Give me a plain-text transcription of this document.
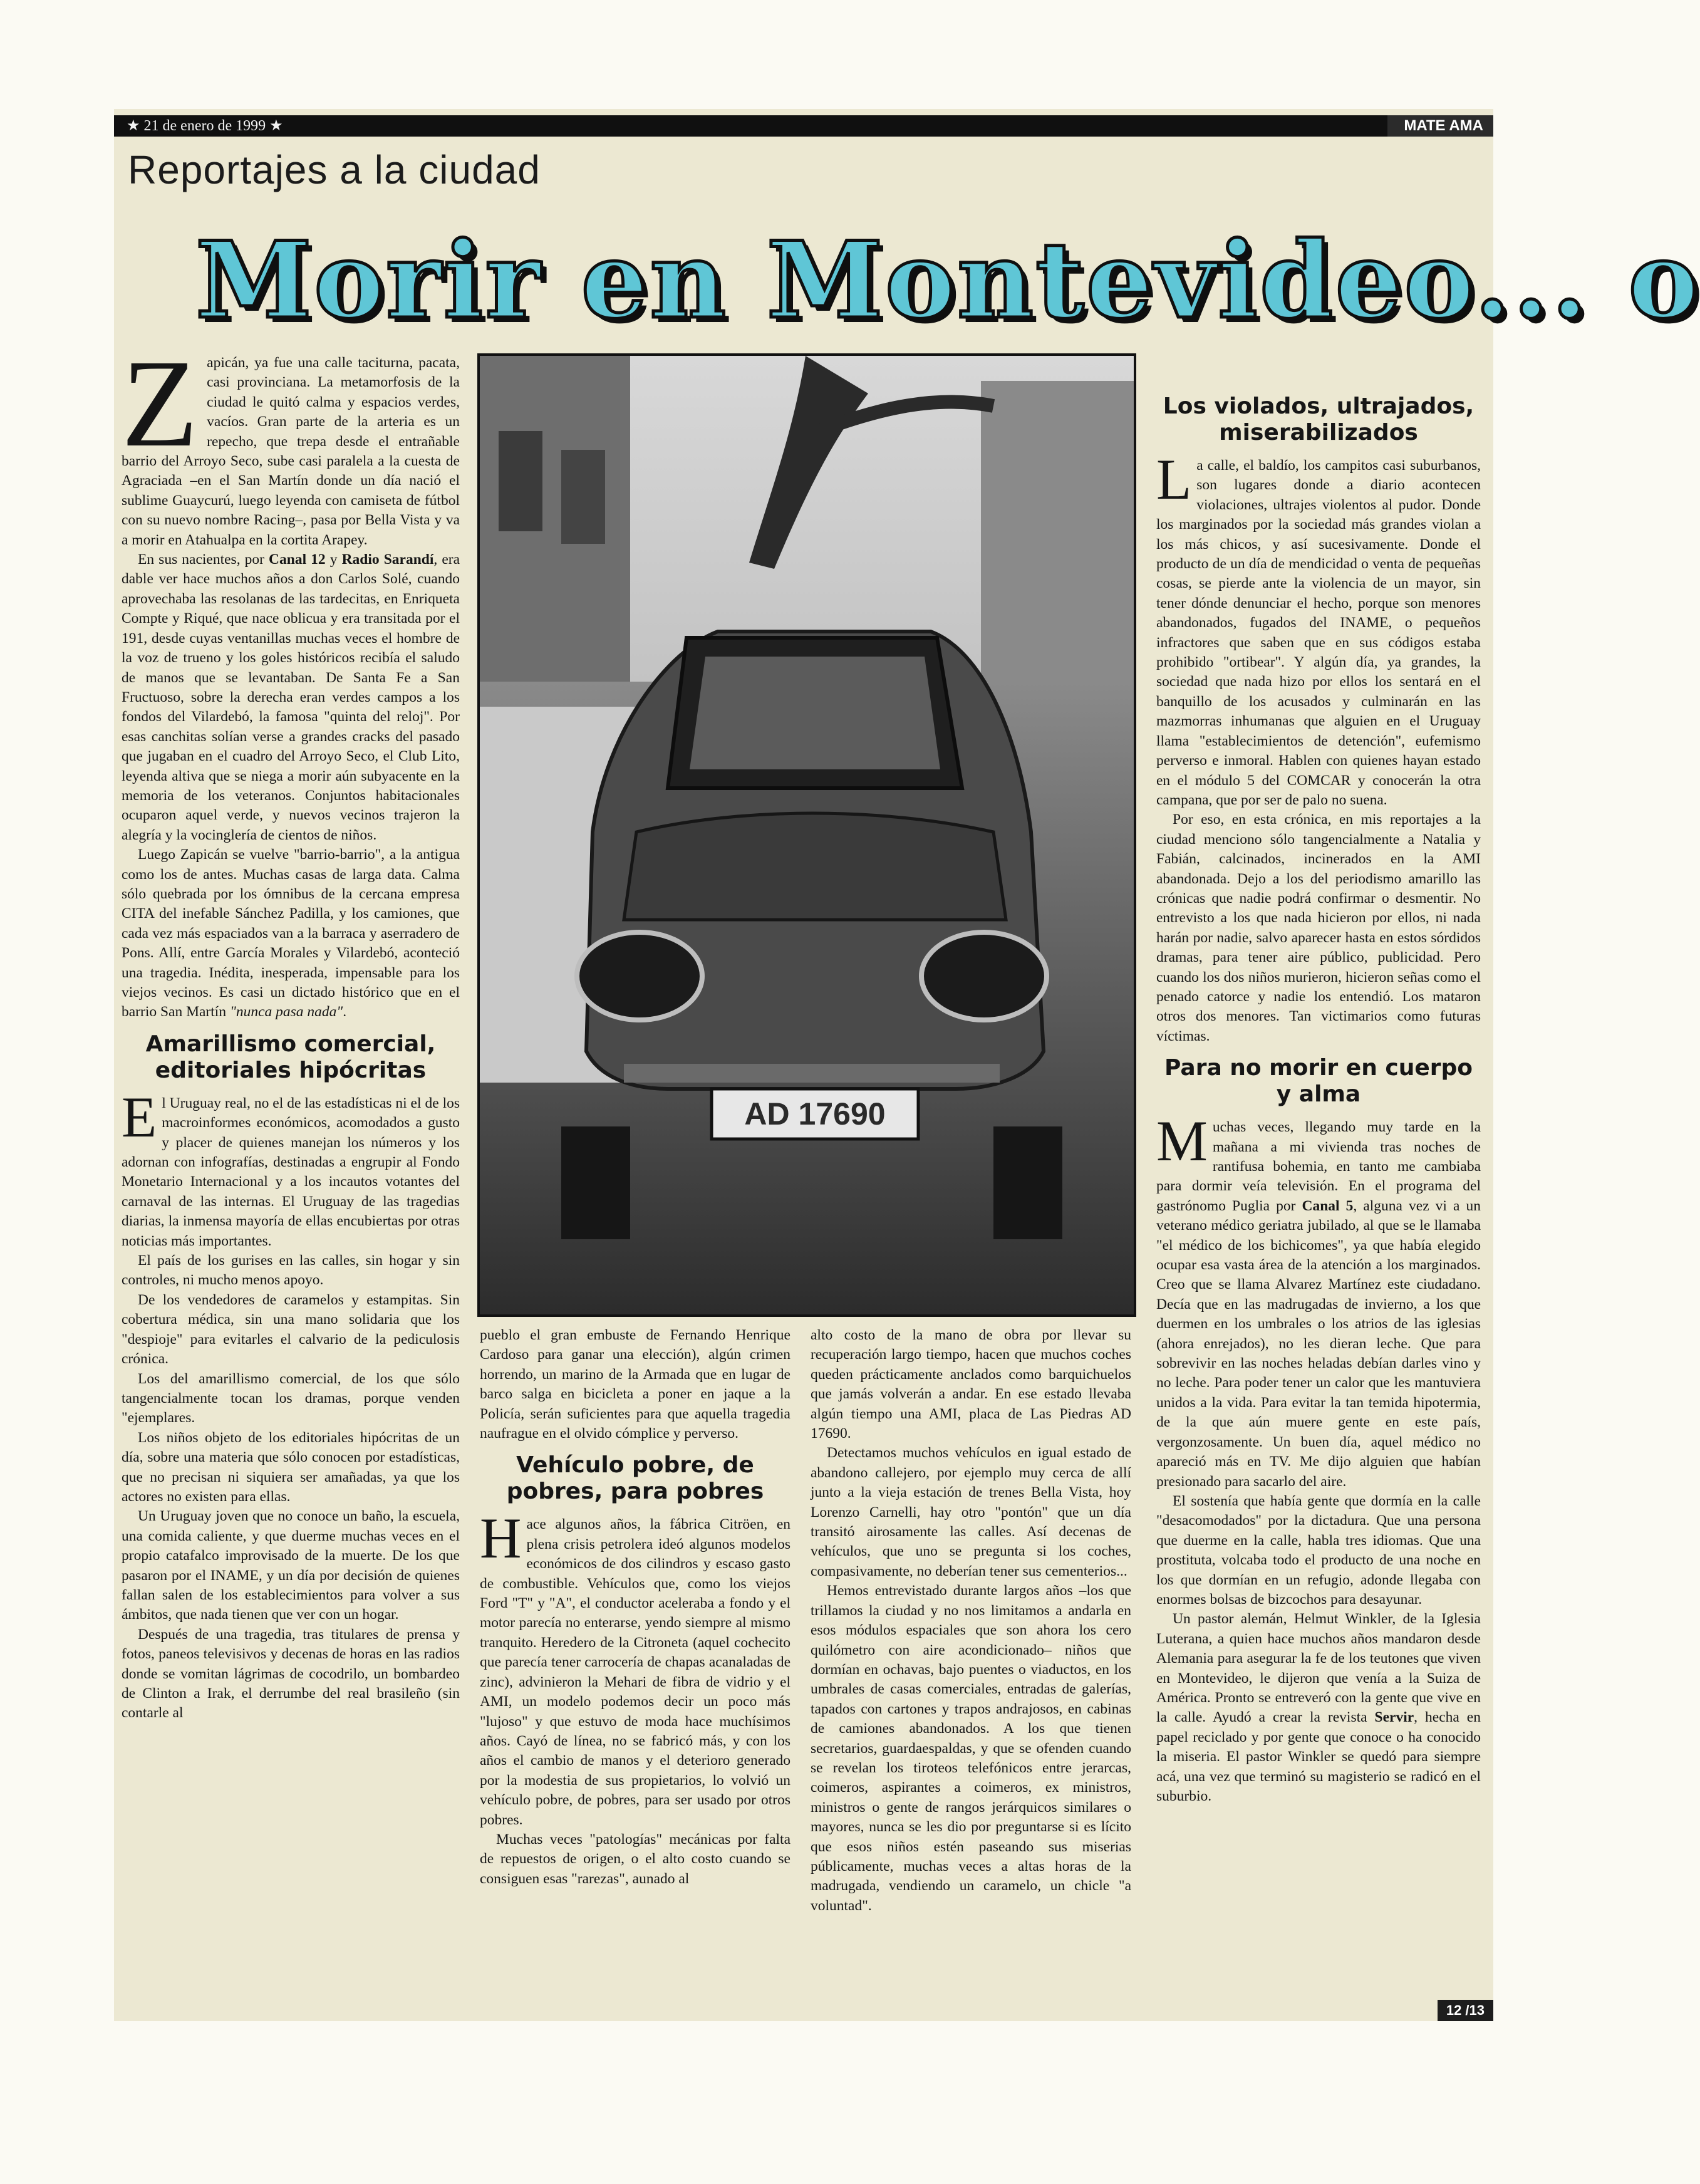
★ 21 de enero de 1999 ★	MATE AMA
Reportajes a la ciudad
Morir en Montevideo... o

Zapicán, ya fue una calle taciturna, pacata, casi provinciana. La metamorfosis de la ciudad le quitó calma y espacios verdes, vacíos. Gran parte de la arteria es un repecho, que trepa desde el entrañable barrio del Arroyo Seco, sube casi paralela a la cuesta de Agraciada –en el San Martín donde un día nació el sublime Guaycurú, luego leyenda con camiseta de fútbol con su nuevo nombre Racing–, pasa por Bella Vista y va a morir en Atahualpa en la cortita Arapey.

En sus nacientes, por Canal 12 y Radio Sarandí, era dable ver hace muchos años a don Carlos Solé, cuando aprovechaba las resolanas de las tardecitas, en Enriqueta Compte y Riqué, que nace oblicua y era transitada por el 191, desde cuyas ventanillas muchas veces el hombre de la voz de trueno y los goles históricos recibía el saludo de manos que se levantaban. De Santa Fe a San Fructuoso, sobre la derecha eran verdes campos a los fondos del Vilardebó, la famosa "quinta del reloj". Por esas canchitas solían verse a grandes cracks del pasado que jugaban en el cuadro del Arroyo Seco, el Club Lito, leyenda altiva que se niega a morir aún subyacente en la memoria de los veteranos. Conjuntos habitacionales ocuparon aquel verde, y nuevos vecinos trajeron la alegría y la vocinglería de cientos de niños.

Luego Zapicán se vuelve "barrio-barrio", a la antigua como los de antes. Muchas casas de larga data. Calma sólo quebrada por los ómnibus de la cercana empresa CITA del inefable Sánchez Padilla, y los camiones, que cada vez más espaciados van a la barraca y aserradero de Pons. Allí, entre García Morales y Vilardebó, aconteció una tragedia. Inédita, inesperada, impensable para los viejos vecinos. Es casi un dictado histórico que en el barrio San Martín "nunca pasa nada".

Amarillismo comercial, editoriales hipócritas

El Uruguay real, no el de las estadísticas ni el de los macroinformes económicos, acomodados a gusto y placer de quienes manejan los números y los adornan con infografías, destinadas a engrupir al Fondo Monetario Internacional y a los incautos votantes del carnaval de las internas. El Uruguay de las tragedias diarias, la inmensa mayoría de ellas encubiertas por otras noticias más importantes.

El país de los gurises en las calles, sin hogar y sin controles, ni mucho menos apoyo.

De los vendedores de caramelos y estampitas. Sin cobertura médica, sin una mano solidaria que los "despioje" para evitarles el calvario de la pediculosis crónica.

Los del amarillismo comercial, de los que sólo tangencialmente tocan los dramas, porque venden "ejemplares.

Los niños objeto de los editoriales hipócritas de un día, sobre una materia que sólo conocen por estadísticas, que no precisan ni siquiera ser amañadas, ya que los actores no existen para ellas.

Un Uruguay joven que no conoce un baño, la escuela, una comida caliente, y que duerme muchas veces en el propio catafalco improvisado de la muerte. De los que pasaron por el INAME, y un día por decisión de quienes fallan salen de los establecimientos para volver a sus ámbitos, que nada tienen que ver con un hogar.

Después de una tragedia, tras titulares de prensa y fotos, paneos televisivos y decenas de horas en las radios donde se vomitan lágrimas de cocodrilo, un bombardeo de Clinton a Irak, el derrumbe del real brasileño (sin contarle al

AD 17690

pueblo el gran embuste de Fernando Henrique Cardoso para ganar una elección), algún crimen horrendo, un marino de la Armada que en lugar de barco salga en bicicleta a poner en jaque a la Policía, serán suficientes para que aquella tragedia naufrague en el olvido cómplice y perverso.

Vehículo pobre, de pobres, para pobres

Hace algunos años, la fábrica Citröen, en plena crisis petrolera ideó algunos modelos económicos de dos cilindros y escaso gasto de combustible. Vehículos que, como los viejos Ford "T" y "A", el conductor aceleraba a fondo y el motor parecía no enterarse, yendo siempre al mismo tranquito. Heredero de la Citroneta (aquel cochecito que parecía tener carrocería de chapas acanaladas de zinc), advinieron la Mehari de fibra de vidrio y el AMI, un modelo podemos decir un poco más "lujoso" y que estuvo de moda hace muchísimos años. Cayó de línea, no se fabricó más, y con los años el cambio de manos y el deterioro generado por la modestia de sus propietarios, lo volvió un vehículo pobre, de pobres, para ser usado por otros pobres.

Muchas veces "patologías" mecánicas por falta de repuestos de origen, o el alto costo cuando se consiguen esas "rarezas", aunado al

alto costo de la mano de obra por llevar su recuperación largo tiempo, hacen que muchos coches queden prácticamente anclados como barquichuelos que jamás volverán a andar. En ese estado llevaba algún tiempo una AMI, placa de Las Piedras AD 17690.

Detectamos muchos vehículos en igual estado de abandono callejero, por ejemplo muy cerca de allí junto a la vieja estación de trenes Bella Vista, hoy Lorenzo Carnelli, hay otro "pontón" que un día transitó airosamente las calles. Así decenas de vehículos, que uno se pregunta si los coches, compasivamente, no deberían tener sus cementerios...

Hemos entrevistado durante largos años –los que trillamos la ciudad y no nos limitamos a andarla en esos módulos espaciales que son ahora los cero quilómetro con aire acondicionado– niños que dormían en ochavas, bajo puentes o viaductos, en los umbrales de casas comerciales, entradas de galerías, tapados con cartones y trapos andrajosos, en cabinas de camiones abandonados. A los que tienen secretarios, guardaespaldas, y que se ofenden cuando se revelan los tiroteos telefónicos entre jerarcas, coimeros, aspirantes a coimeros, ex ministros, ministros o gente de rangos jerárquicos similares o mayores, nunca se les dio por preguntarse si es lícito que esos niños estén paseando sus miserias públicamente, muchas veces a altas horas de la madrugada, vendiendo un caramelo, un chicle "a voluntad".

Los violados, ultrajados, miserabilizados

La calle, el baldío, los campitos casi suburbanos, son lugares donde a diario acontecen violaciones, ultrajes violentos al pudor. Donde los marginados por la sociedad más grandes violan a los más chicos, y así sucesivamente. Donde el producto de un día de mendicidad o venta de pequeñas cosas, se pierde ante la violencia de un mayor, sin tener dónde denunciar el hecho, porque son menores abandonados, fugados del INAME, o pequeños infractores que saben que en sus códigos estaba prohibido "ortibear". Y algún día, ya grandes, la sociedad que nada hizo por ellos los sentará en el banquillo de los acusados y culminarán en las mazmorras inhumanas que alguien en el Uruguay llama "establecimientos de detención", eufemismo perverso e inmoral. Hablen con quienes hayan estado en el módulo 5 del COMCAR y conocerán la otra campana, que por ser de palo no suena.

Por eso, en esta crónica, en mis reportajes a la ciudad menciono sólo tangencialmente a Natalia y Fabián, calcinados, incinerados en la AMI abandonada. Dejo a los del periodismo amarillo las crónicas que nadie podrá confirmar o desmentir. No entrevisto a los que nada hicieron por ellos, ni nada harán por nadie, salvo aparecer hasta en estos sórdidos dramas, para tener aire público, publicidad. Pero cuando los dos niños murieron, hicieron señas como el penado catorce y nadie los entendió. Los mataron otros dos menores. Tan victimarios como futuras víctimas.

Para no morir en cuerpo y alma

Muchas veces, llegando muy tarde en la mañana a mi vivienda tras noches de rantifusa bohemia, en tanto me cambiaba para dormir veía televisión. En el programa del gastrónomo Puglia por Canal 5, alguna vez vi a un veterano médico geriatra jubilado, al que se le llamaba "el médico de los bichicomes", ya que había elegido ocupar esa vasta área de la atención a los marginados. Creo que se llama Alvarez Martínez este ciudadano. Decía que en las madrugadas de invierno, a los que duermen en los umbrales o los atrios de las iglesias (ahora enrejados), no les dieran leche. Que para sobrevivir en las noches heladas debían darles vino y no leche. Para poder tener un calor que les mantuviera unidos a la vida. Para evitar la tan temida hipotermia, de la que aún muere gente en este país, vergonzosamente. Un buen día, aquel médico no apareció más en TV. Me dijo alguien que habían presionado para sacarlo del aire.

El sostenía que había gente que dormía en la calle "desacomodados" por la dictadura. Que una persona que duerme en la calle, habla tres idiomas. Que una prostituta, volcaba todo el producto de una noche en los que dormían en un refugio, adonde llegaba con enormes bolsas de bizcochos para desayunar.

Un pastor alemán, Helmut Winkler, de la Iglesia Luterana, a quien hace muchos años mandaron desde Alemania para asegurar la fe de los teutones que viven en Montevideo, le dijeron que venía a la Suiza de América. Pronto se entreveró con la gente que vive en la calle. Ayudó a crear la revista Servir, hecha en papel reciclado y por gente que conoce o ha conocido la miseria. El pastor Winkler se quedó para siempre acá, una vez que terminó su magisterio se radicó en el suburbio.

12 /13
